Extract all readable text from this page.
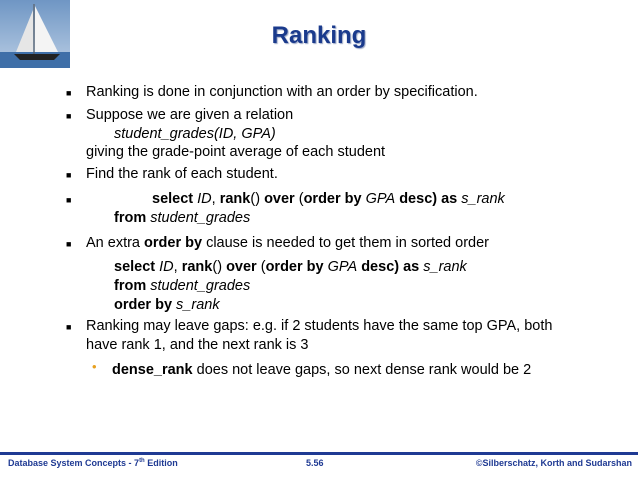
Ranking
■ Ranking is done in conjunction with an order by specification.
■ Suppose we are given a relation
student_grades(ID, GPA)
giving the grade-point average of each student
■ Find the rank of each student.
■	select ID, rank() over (order by GPA desc) as s_rank
from student_grades
■ An extra order by clause is needed to get them in sorted order
select ID, rank() over (order by GPA desc) as s_rank
from student_grades
order by s_rank
■ Ranking may leave gaps: e.g. if 2 students have the same top GPA, both
have rank 1, and the next rank is 3
• dense_rank does not leave gaps, so next dense rank would be 2
Database System Concepts - 7th Edition	5.56	©Silberschatz, Korth and Sudarshan
